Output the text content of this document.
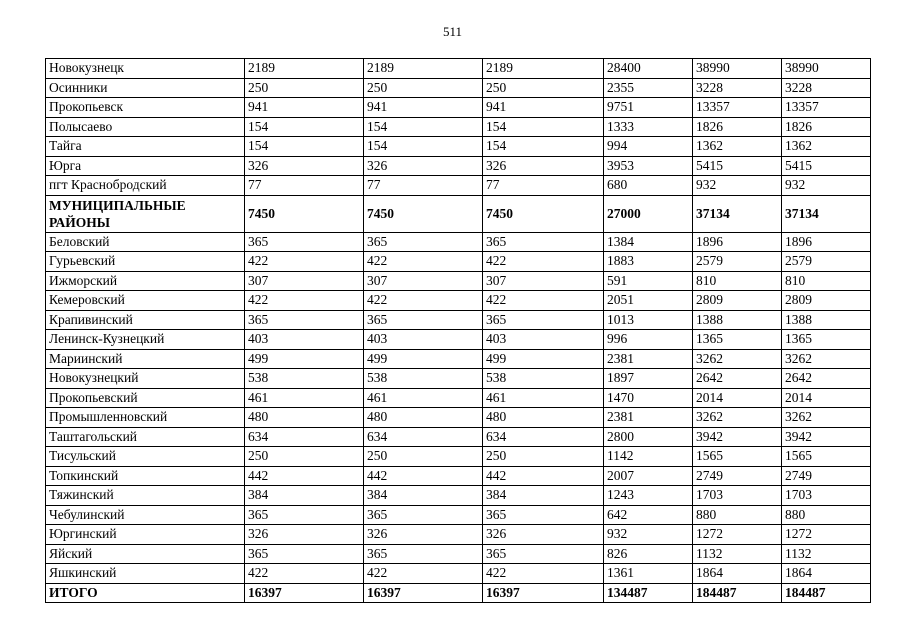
511
Новокузнецк	2189	2189	2189	28400	38990	38990
Осинники	250	250	250	2355	3228	3228
Прокопьевск	941	941	941	9751	13357	13357
Полысаево	154	154	154	1333	1826	1826
Тайга	154	154	154	994	1362	1362
Юрга	326	326	326	3953	5415	5415
пгт Краснобродский	77	77	77	680	932	932
МУНИЦИПАЛЬНЫЕ РАЙОНЫ	7450	7450	7450	27000	37134	37134
Беловский	365	365	365	1384	1896	1896
Гурьевский	422	422	422	1883	2579	2579
Ижморский	307	307	307	591	810	810
Кемеровский	422	422	422	2051	2809	2809
Крапивинский	365	365	365	1013	1388	1388
Ленинск-Кузнецкий	403	403	403	996	1365	1365
Мариинский	499	499	499	2381	3262	3262
Новокузнецкий	538	538	538	1897	2642	2642
Прокопьевский	461	461	461	1470	2014	2014
Промышленновский	480	480	480	2381	3262	3262
Таштагольский	634	634	634	2800	3942	3942
Тисульский	250	250	250	1142	1565	1565
Топкинский	442	442	442	2007	2749	2749
Тяжинский	384	384	384	1243	1703	1703
Чебулинский	365	365	365	642	880	880
Юргинский	326	326	326	932	1272	1272
Яйский	365	365	365	826	1132	1132
Яшкинский	422	422	422	1361	1864	1864
ИТОГО	16397	16397	16397	134487	184487	184487
